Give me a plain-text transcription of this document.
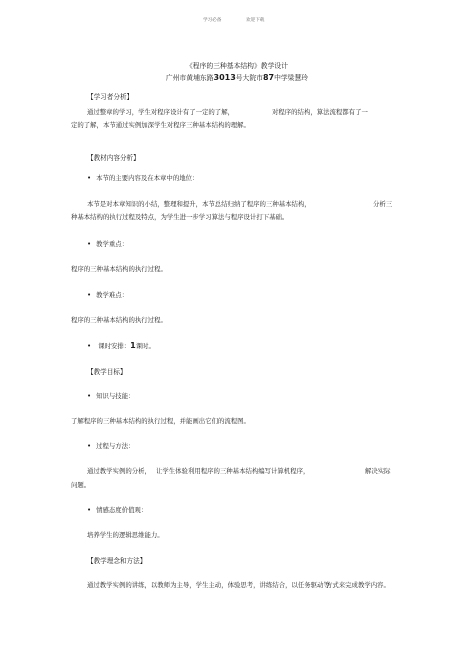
学习必备	欢迎下载
《程序的三种基本结构》教学设计
广州市黄埔东路3013号大院市87中学梁慧玲
【学习者分析】
通过整章的学习，学生对程序设计有了一定的了解，	对程序的结构，算法流程都有了一
定的了解，本节通过实例加深学生对程序三种基本结构的理解。
【教材内容分析】
• 本节的主要内容及在本章中的地位：
本节是对本章知识的小结，整理和提升，本节总结归纳了程序的三种基本结构，	分析三
种基本结构的执行过程及特点，为学生进一步学习算法与程序设计打下基础。
• 教学重点：
程序的三种基本结构的执行过程。
• 教学难点：
程序的三种基本结构的执行过程。
• 课时安排：1课时。
【教学目标】
• 知识与技能：
了解程序的三种基本结构的执行过程，并能画出它们的流程图。
• 过程与方法：
通过教学实例的分析， 让学生体验利用程序的三种基本结构编写计算机程序，	解决实际
问题。
• 情感态度价值观：
培养学生的逻辑思维能力。
【教学理念和方法】
通过教学实例的讲练，以教师为主导，学生主动，体验思考，讲练结合，以任务驱动等
方式来完成教学内容。
